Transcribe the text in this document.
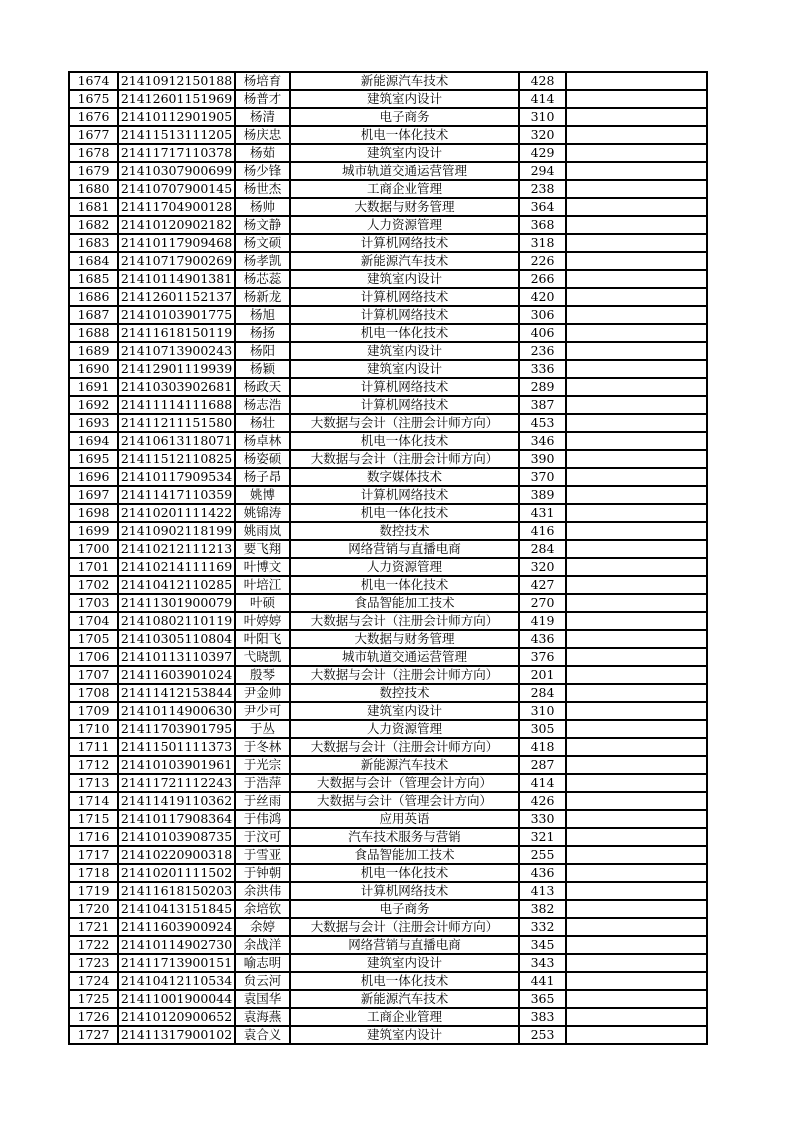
1674	21410912150188	杨培育	新能源汽车技术	428	
1675	21412601151969	杨普才	建筑室内设计	414	
1676	21410112901905	杨清	电子商务	310	
1677	21411513111205	杨庆忠	机电一体化技术	320	
1678	21411717110378	杨茹	建筑室内设计	429	
1679	21410307900699	杨少锋	城市轨道交通运营管理	294	
1680	21410707900145	杨世杰	工商企业管理	238	
1681	21411704900128	杨帅	大数据与财务管理	364	
1682	21410120902182	杨文静	人力资源管理	368	
1683	21410117909468	杨文硕	计算机网络技术	318	
1684	21410717900269	杨孝凯	新能源汽车技术	226	
1685	21410114901381	杨芯蕊	建筑室内设计	266	
1686	21412601152137	杨新龙	计算机网络技术	420	
1687	21410103901775	杨旭	计算机网络技术	306	
1688	21411618150119	杨扬	机电一体化技术	406	
1689	21410713900243	杨阳	建筑室内设计	236	
1690	21412901119939	杨颖	建筑室内设计	336	
1691	21410303902681	杨政天	计算机网络技术	289	
1692	21411114111688	杨志浩	计算机网络技术	387	
1693	21411211151580	杨壮	大数据与会计（注册会计师方向）	453	
1694	21410613118071	杨卓林	机电一体化技术	346	
1695	21411512110825	杨姿硕	大数据与会计（注册会计师方向）	390	
1696	21410117909534	杨子昂	数字媒体技术	370	
1697	21411417110359	姚博	计算机网络技术	389	
1698	21410201111422	姚锦涛	机电一体化技术	431	
1699	21410902118199	姚雨岚	数控技术	416	
1700	21410212111213	要飞翔	网络营销与直播电商	284	
1701	21410214111169	叶博文	人力资源管理	320	
1702	21410412110285	叶培江	机电一体化技术	427	
1703	21411301900079	叶硕	食品智能加工技术	270	
1704	21410802110119	叶婷婷	大数据与会计（注册会计师方向）	419	
1705	21410305110804	叶阳飞	大数据与财务管理	436	
1706	21410113110397	弋晓凯	城市轨道交通运营管理	376	
1707	21411603901024	殷琴	大数据与会计（注册会计师方向）	201	
1708	21411412153844	尹金帅	数控技术	284	
1709	21410114900630	尹少可	建筑室内设计	310	
1710	21411703901795	于丛	人力资源管理	305	
1711	21411501111373	于冬林	大数据与会计（注册会计师方向）	418	
1712	21410103901961	于光宗	新能源汽车技术	287	
1713	21411721112243	于浩萍	大数据与会计（管理会计方向）	414	
1714	21411419110362	于丝雨	大数据与会计（管理会计方向）	426	
1715	21410117908364	于伟鸿	应用英语	330	
1716	21410103908735	于汶可	汽车技术服务与营销	321	
1717	21410220900318	于雪亚	食品智能加工技术	255	
1718	21410201111502	于钟朝	机电一体化技术	436	
1719	21411618150203	余洪伟	计算机网络技术	413	
1720	21410413151845	余培钦	电子商务	382	
1721	21411603900924	余婷	大数据与会计（注册会计师方向）	332	
1722	21410114902730	余战洋	网络营销与直播电商	345	
1723	21411713900151	喻志明	建筑室内设计	343	
1724	21410412110534	贠云河	机电一体化技术	441	
1725	21411001900044	袁国华	新能源汽车技术	365	
1726	21410120900652	袁海燕	工商企业管理	383	
1727	21411317900102	袁合义	建筑室内设计	253	
